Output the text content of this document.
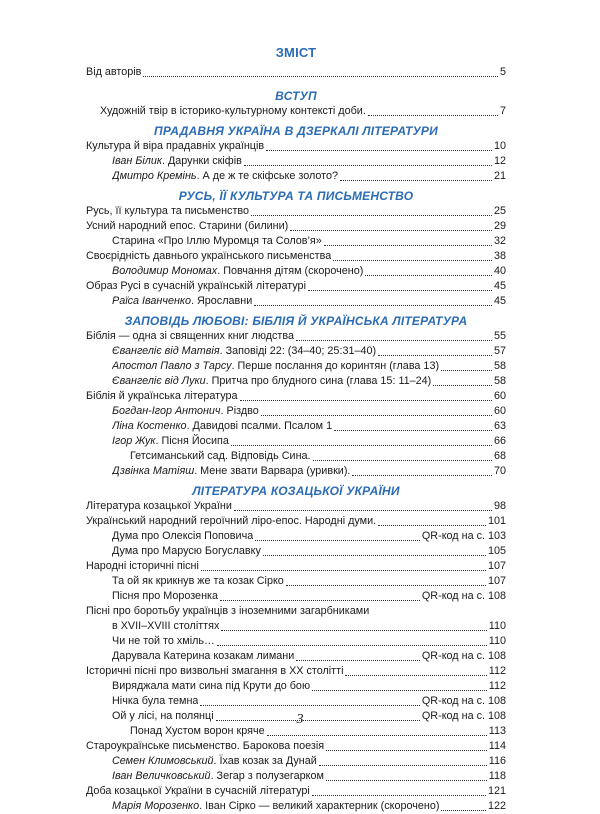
ЗМІСТ
Від авторів	5
ВСТУП
Художній твір в історико-культурному контексті доби.	7
ПРАДАВНЯ УКРАЇНА В ДЗЕРКАЛІ ЛІТЕРАТУРИ
Культура й віра прадавніх українців	10
Іван Білик. Дарунки скіфів	12
Дмитро Кремінь. А де ж те скіфське золото?	21
РУСЬ, ЇЇ КУЛЬТУРА ТА ПИСЬМЕНСТВО
Русь, її культура та письменство	25
Усний народний епос. Старини (билини)	29
Старина «Про Іллю Муромця та Солов’я»	32
Своєрідність давнього українського письменства	38
Володимир Мономах. Повчання дітям (скорочено)	40
Образ Русі в сучасній українській літературі	45
Раїса Іванченко. Ярославни	45
ЗАПОВІДЬ ЛЮБОВІ: БІБЛІЯ Й УКРАЇНСЬКА ЛІТЕРАТУРА
Біблія — одна зі священних книг людства	55
Євангеліє від Матвія. Заповіді 22: (34–40; 25:31–40)	57
Апостол Павло з Тарсу. Перше послання до коринтян (глава 13)	58
Євангеліє від Луки. Притча про блудного сина (глава 15: 11–24)	58
Біблія й українська література	60
Богдан-Ігор Антонич. Різдво	60
Ліна Костенко. Давидові псалми. Псалом 1	63
Ігор Жук. Пісня Йосипа	66
Гетсиманський сад. Відповідь Сина.	68
Дзвінка Матіяш. Мене звати Варвара (уривки).	70
ЛІТЕРАТУРА КОЗАЦЬКОЇ УКРАЇНИ
Література козацької України	98
Український народний героїчний ліро-епос. Народні думи.	101
Дума про Олексія Поповича	QR-код на с. 103
Дума про Марусю Богуславку	105
Народні історичні пісні	107
Та ой як крикнув же та козак Сірко	107
Пісня про Морозенка	QR-код на с. 108
Пісні про боротьбу українців з іноземними загарбниками
в XVII–XVIII століттях	110
Чи не той то хміль…	110
Дарувала Катерина козакам лимани	QR-код на с. 108
Історичні пісні про визвольні змагання в ХХ столітті	112
Виряджала мати сина під Крути до бою	112
Нічка була темна	QR-код на с. 108
Ой у лісі, на полянці	QR-код на с. 108
Понад Хустом ворон кряче	113
Староукраїнське письменство. Барокова поезія	114
Семен Климовський. Їхав козак за Дунай	116
Іван Величковський. Зегар з полузегарком	118
Доба козацької України в сучасній літературі	121
Марія Морозенко. Іван Сірко — великий характерник (скорочено)	122
3
